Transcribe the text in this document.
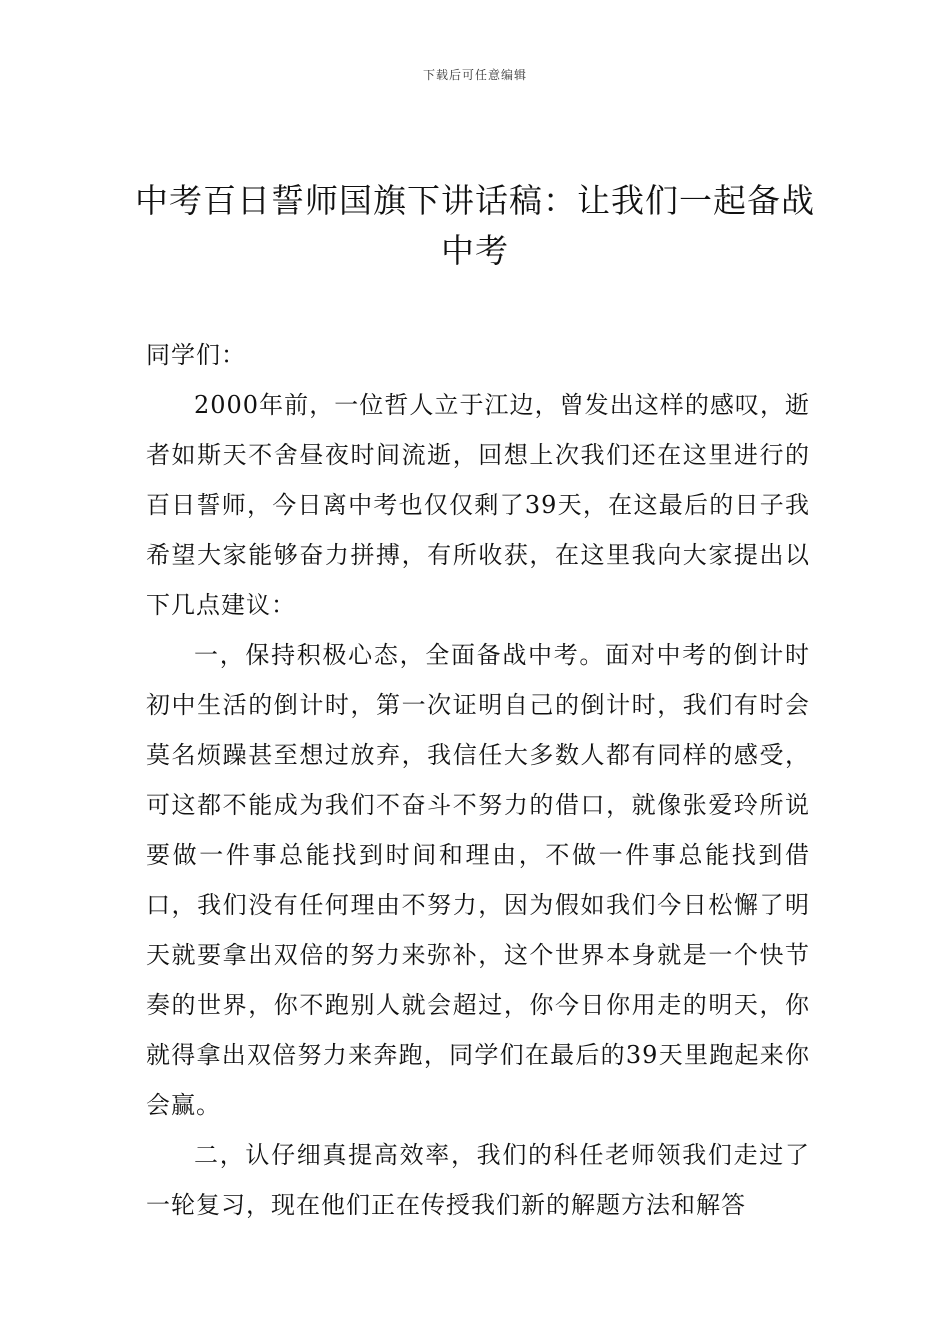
下载后可任意编辑
中考百日誓师国旗下讲话稿：让我们一起备战中考

同学们：

2000年前，一位哲人立于江边，曾发出这样的感叹，逝者如斯天不舍昼夜时间流逝，回想上次我们还在这里进行的百日誓师，今日离中考也仅仅剩了39天，在这最后的日子我希望大家能够奋力拼搏，有所收获，在这里我向大家提出以下几点建议：

一，保持积极心态，全面备战中考。面对中考的倒计时初中生活的倒计时，第一次证明自己的倒计时，我们有时会莫名烦躁甚至想过放弃，我信任大多数人都有同样的感受，可这都不能成为我们不奋斗不努力的借口，就像张爱玲所说要做一件事总能找到时间和理由，不做一件事总能找到借口，我们没有任何理由不努力，因为假如我们今日松懈了明天就要拿出双倍的努力来弥补，这个世界本身就是一个快节奏的世界，你不跑别人就会超过，你今日你用走的明天，你就得拿出双倍努力来奔跑，同学们在最后的39天里跑起来你会赢。

二，认仔细真提高效率，我们的科任老师领我们走过了一轮复习，现在他们正在传授我们新的解题方法和解答
